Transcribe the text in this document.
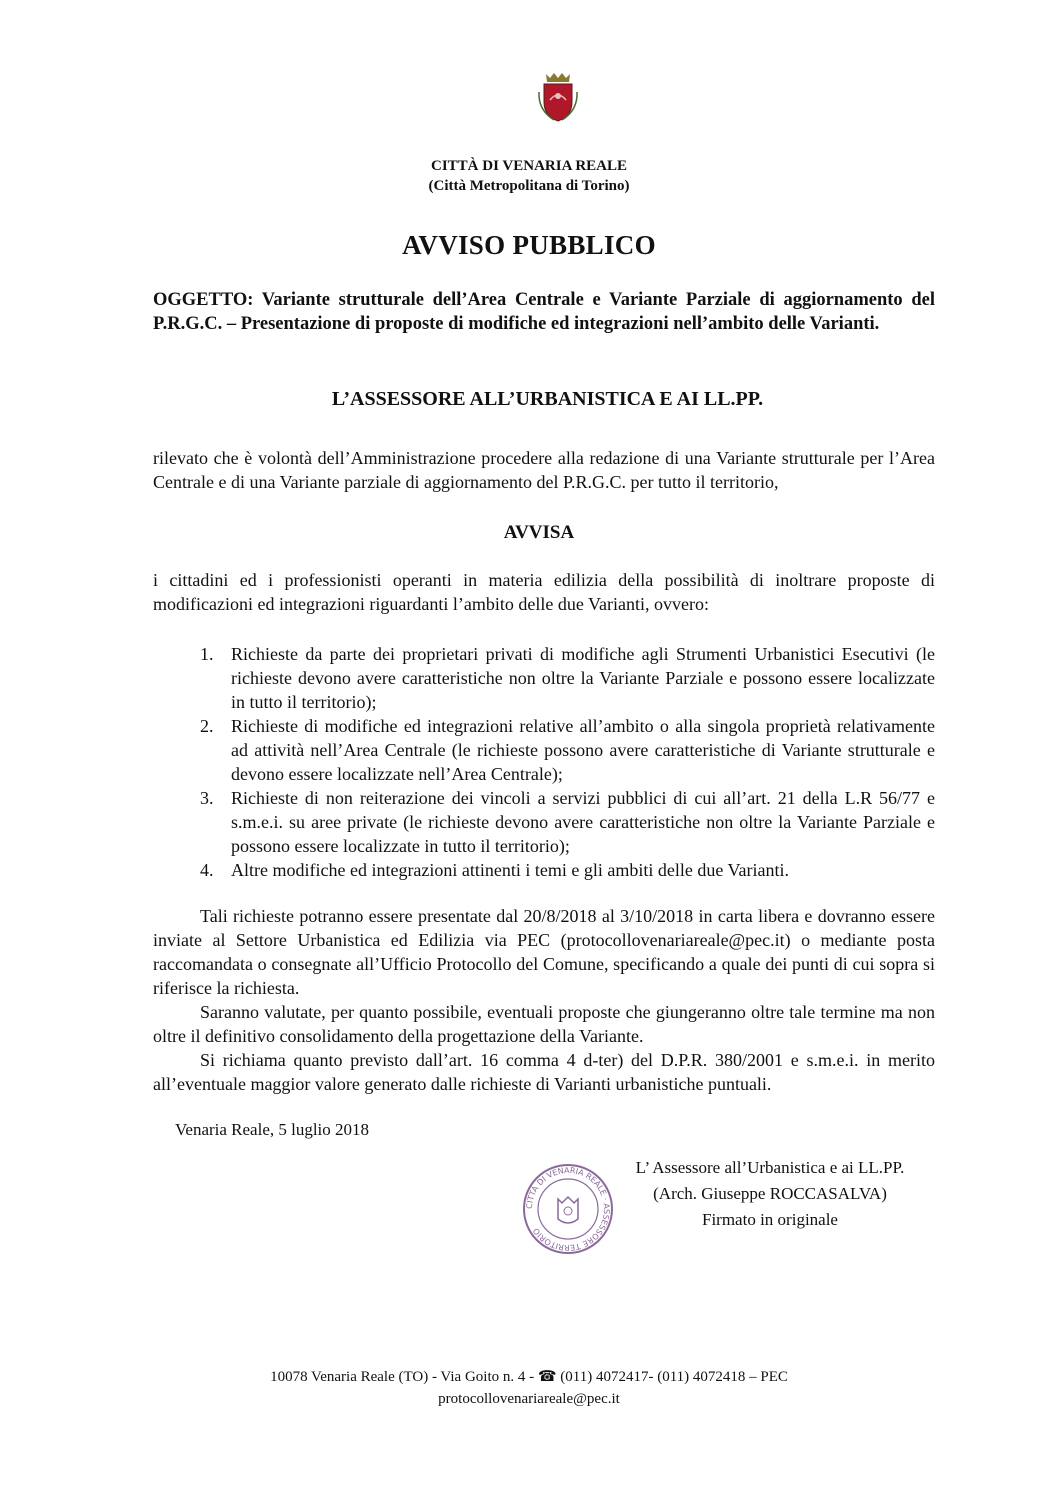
CITTÀ DI VENARIA REALE
(Città Metropolitana di Torino)
AVVISO PUBBLICO
OGGETTO: Variante strutturale dell’Area Centrale e Variante Parziale di aggiornamento del P.R.G.C. – Presentazione di proposte di modifiche ed integrazioni nell’ambito delle Varianti.
L’ASSESSORE ALL’URBANISTICA E AI LL.PP.
rilevato che è volontà dell’Amministrazione procedere alla redazione di una Variante strutturale per l’Area Centrale e di una Variante parziale di aggiornamento del P.R.G.C. per tutto il territorio,
AVVISA
i cittadini ed i professionisti operanti in materia edilizia della possibilità di inoltrare proposte di modificazioni ed integrazioni riguardanti l’ambito delle due Varianti, ovvero:
1. Richieste da parte dei proprietari privati di modifiche agli Strumenti Urbanistici Esecutivi (le richieste devono avere caratteristiche non oltre la Variante Parziale e possono essere localizzate in tutto il territorio);
2. Richieste di modifiche ed integrazioni relative all’ambito o alla singola proprietà relativamente ad attività nell’Area Centrale (le richieste possono avere caratteristiche di Variante strutturale e devono essere localizzate nell’Area Centrale);
3. Richieste di non reiterazione dei vincoli a servizi pubblici di cui all’art. 21 della L.R 56/77 e s.m.e.i. su aree private (le richieste devono avere caratteristiche non oltre la Variante Parziale e possono essere localizzate in tutto il territorio);
4. Altre modifiche ed integrazioni attinenti i temi e gli ambiti delle due Varianti.

Tali richieste potranno essere presentate dal 20/8/2018 al 3/10/2018 in carta libera e dovranno essere inviate al Settore Urbanistica ed Edilizia via PEC (protocollovenariareale@pec.it) o mediante posta raccomandata o consegnate all’Ufficio Protocollo del Comune, specificando a quale dei punti di cui sopra si riferisce la richiesta.

Saranno valutate, per quanto possibile, eventuali proposte che giungeranno oltre tale termine ma non oltre il definitivo consolidamento della progettazione della Variante.

Si richiama quanto previsto dall’art. 16 comma 4 d-ter) del D.P.R. 380/2001 e s.m.e.i. in merito all’eventuale maggior valore generato dalle richieste di Varianti urbanistiche puntuali.

Venaria Reale, 5 luglio 2018
CITTÀ DI VENARIA REALE · ASSESSORE TERRITORIO
L’ Assessore all’Urbanistica e ai LL.PP.
(Arch. Giuseppe ROCCASALVA)
Firmato in originale
10078 Venaria Reale (TO) - Via Goito n. 4 - ☎ (011) 4072417- (011) 4072418 – PEC
protocollovenariareale@pec.it
